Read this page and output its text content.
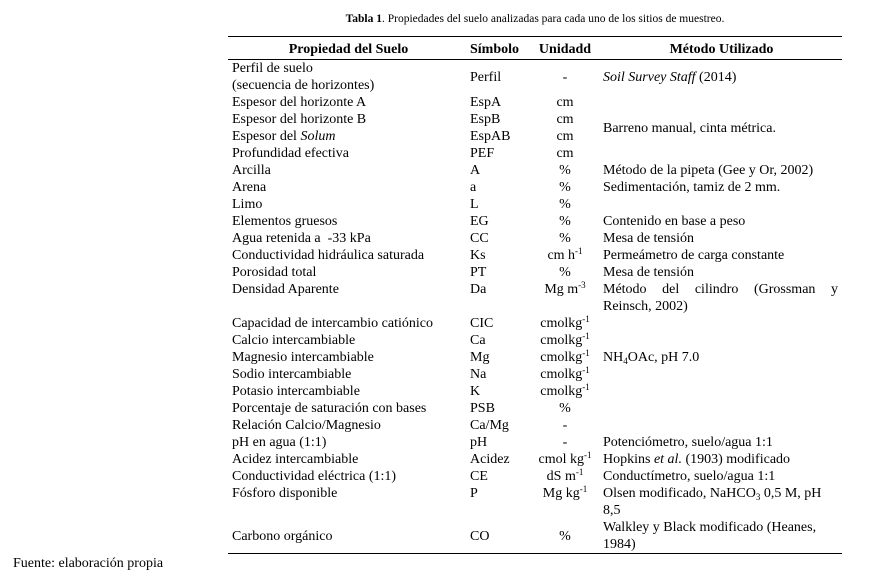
Tabla 1. Propiedades del suelo analizadas para cada uno de los sitios de muestreo.
Propiedad del Suelo	Símbolo	Unidadd	Método Utilizado

Perfil de suelo
(secuencia de horizontes)	Perfil	-	Soil Survey Staff (2014)
Espesor del horizonte A	EspA	cm	Barreno manual, cinta métrica.
Espesor del horizonte B	EspB	cm	
Espesor del Solum	EspAB	cm	
Profundidad efectiva	PEF	cm	
Arcilla	A	%	Método de la pipeta (Gee y Or, 2002)
Arena	a	%	Sedimentación, tamiz de 2 mm.
Limo	L	%	
Elementos gruesos	EG	%	Contenido en base a peso
Agua retenida a  -33 kPa	CC	%	Mesa de tensión
Conductividad hidráulica saturada	Ks	cm $h^{-1}$	Permeámetro de carga constante
Porosidad total	PT	%	Mesa de tensión
Densidad Aparente	Da	Mg $m^{-3}$	Método del cilindro (Grossman y Reinsch, 2002)
Capacidad de intercambio catiónico	CIC	cmolkg$^{-1}$	$NH_4OAc$, pH 7.0
Calcio intercambiable	Ca	cmolkg$^{-1}$
Magnesio intercambiable	Mg	cmolkg$^{-1}$
Sodio intercambiable	Na	cmolkg$^{-1}$
Potasio intercambiable	K	cmolkg$^{-1}$
Porcentaje de saturación con bases	PSB	%	
Relación Calcio/Magnesio	Ca/Mg	-	
pH en agua (1:1)	pH	-	Potenciómetro, suelo/agua 1:1
Acidez intercambiable	Acidez	cmol $kg^{-1}$	Hopkins et al. (1903) modificado
Conductividad eléctrica (1:1)	CE	dS $m^{-1}$	Conductímetro, suelo/agua 1:1
Fósforo disponible	P	Mg $kg^{-1}$	Olsen modificado, NaHCO$_3$ 0,5 M, pH 8,5
Carbono orgánico	CO	%	Walkley y Black modificado (Heanes, 1984)
Fuente: elaboración propia
